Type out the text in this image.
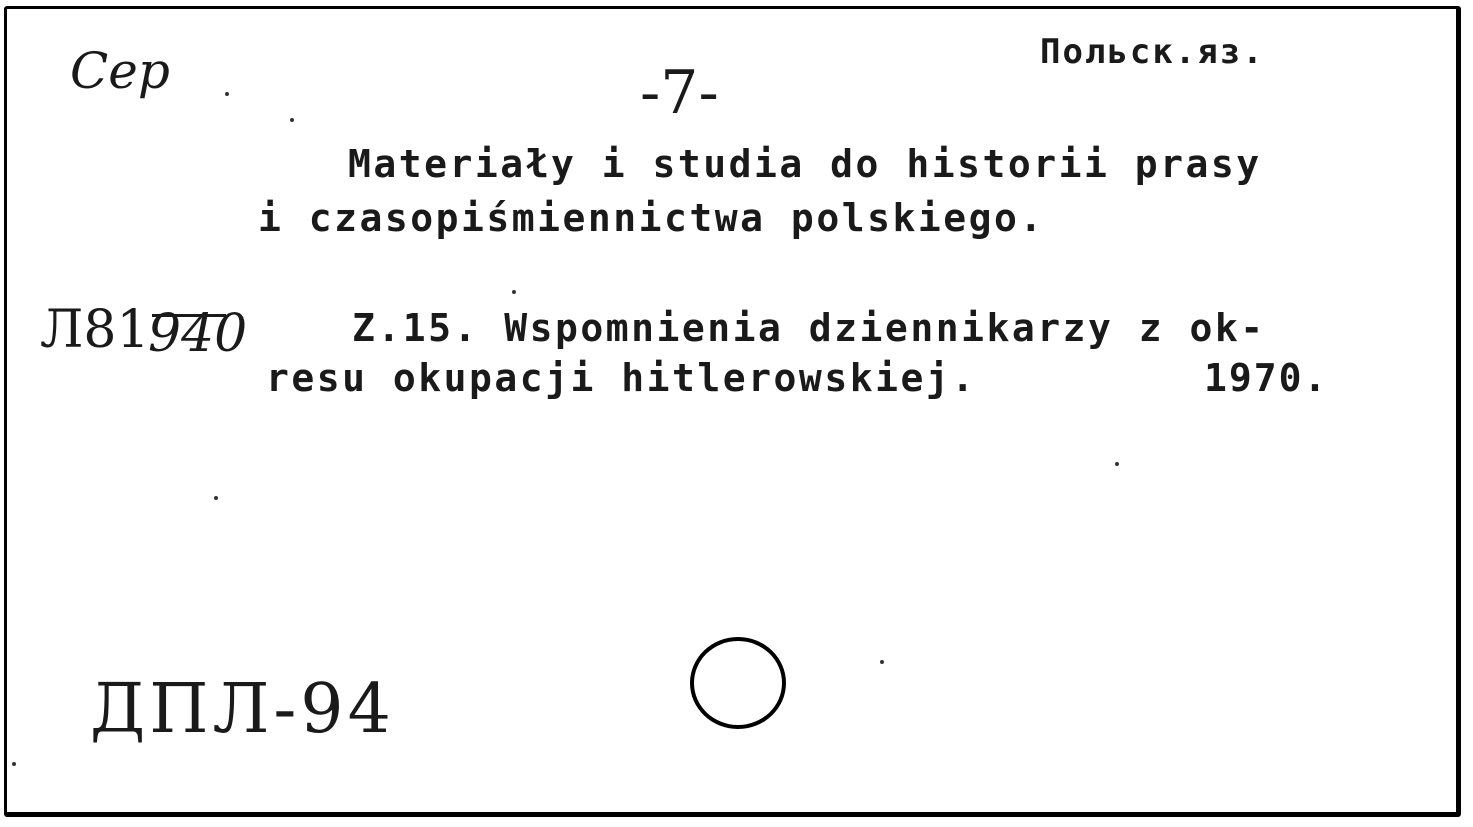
Сер	-7-
Польск.яз.
Materiały i studia do historii prasy
i czasopiśmiennictwa polskiego.
Л81
940	Z.15. Wspomnienia dziennikarzy z ok-
resu okupacji hitlerowskiej.	1970.
ДПЛ-94
